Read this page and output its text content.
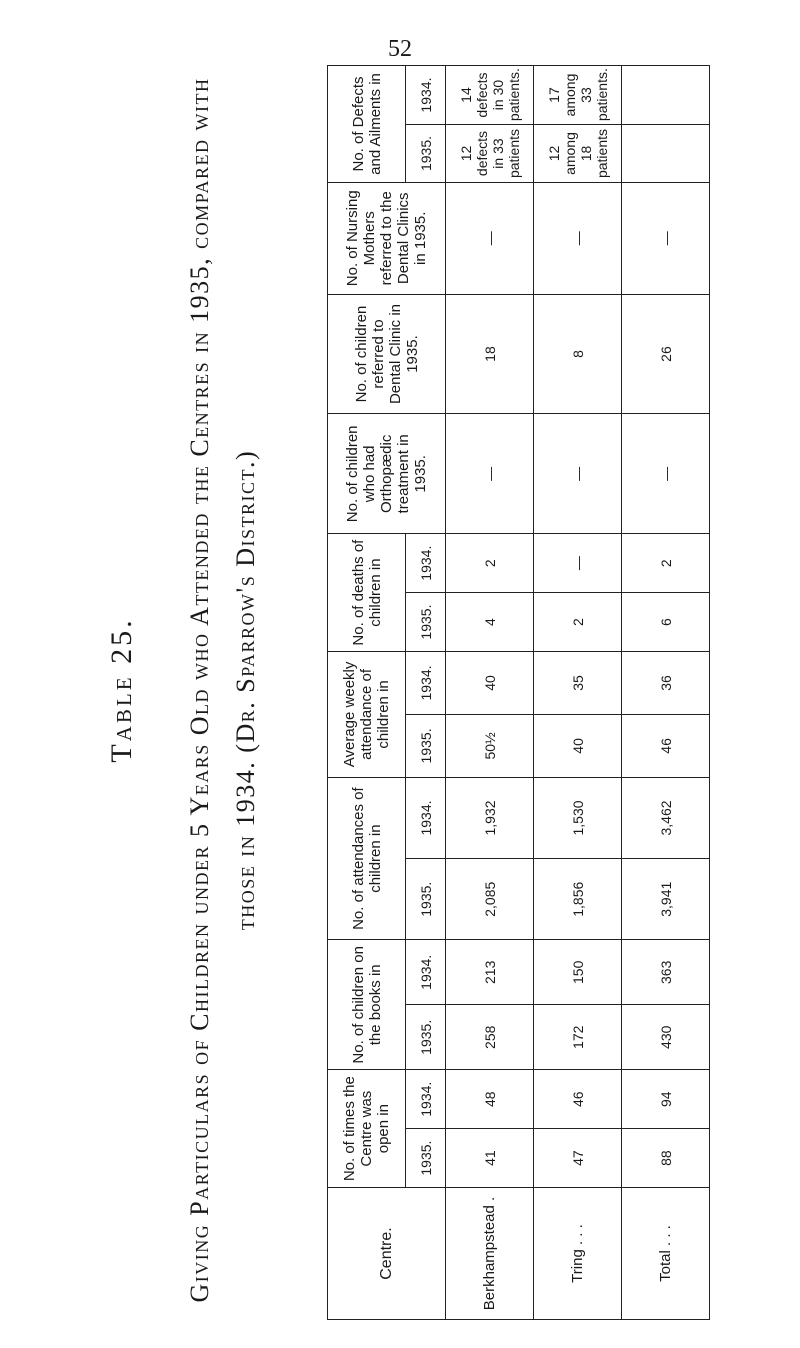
52
Table 25.	Giving Particulars of Children under 5 Years Old who Attended the Centres in 1935, compared with those in 1934. (Dr. Sparrow's District.)
Centre.	No. of times the Centre was open in		No. of children on the books in		No. of attendances of children in		Average weekly attendance of children in		No. of deaths of children in		No. of children who had Orthopædic treatment in 1935.	No. of children referred to Dental Clinic in 1935.	No. of Nursing Mothers referred to the Dental Clinics in 1935.	No. of Defects and Ailments in	
	1935.	1934.	1935.	1934.	1935.	1934.	1935.	1934.	1935.	1934.				1935.	1934.
Berkhampstead .	41	48	258	213	2,085	1,932	50½	40	4	2	—	18	—	12 defects in 33 patients	14 defects in 30 patients.
Tring . . .	47	46	172	150	1,856	1,530	40	35	2	—	—	8	—	12 among 18 patients	17 among 33 patients.
Total . . .	88	94	430	363	3,941	3,462	46	36	6	2	—	26	—		
